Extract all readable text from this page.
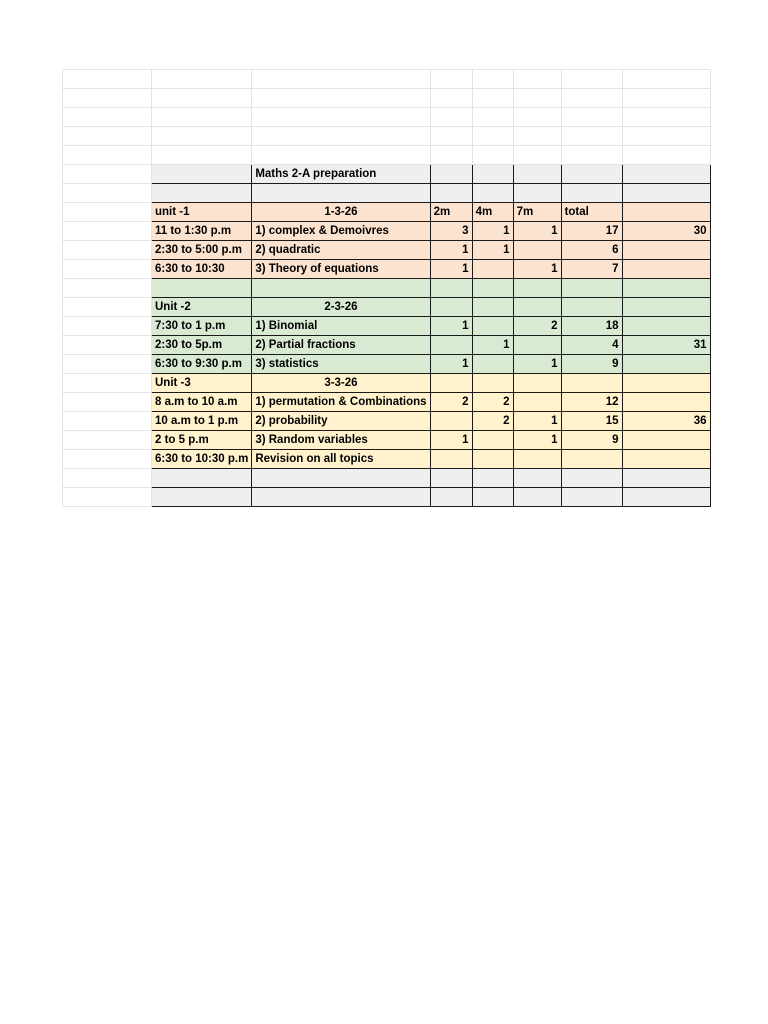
		Maths 2-A preparation					

	unit -1	1-3-26	2m	4m	7m	total	
	11 to 1:30 p.m	1) complex & Demoivres	3	1	1	17	30
	2:30 to 5:00 p.m	2) quadratic	1	1		6	
	6:30 to 10:30	3) Theory of equations	1		1	7	

	Unit -2	2-3-26					
	7:30 to 1 p.m	1) Binomial	1		2	18	
	2:30 to 5p.m	2) Partial fractions		1		4	31
	6:30 to 9:30 p.m	3) statistics	1		1	9	
	Unit -3	3-3-26					
	8 a.m to 10 a.m	1) permutation & Combinations	2	2		12	
	10 a.m to 1 p.m	2) probability		2	1	15	36
	2 to 5 p.m	3) Random variables	1		1	9	
	6:30 to 10:30 p.m	Revision on all topics					
